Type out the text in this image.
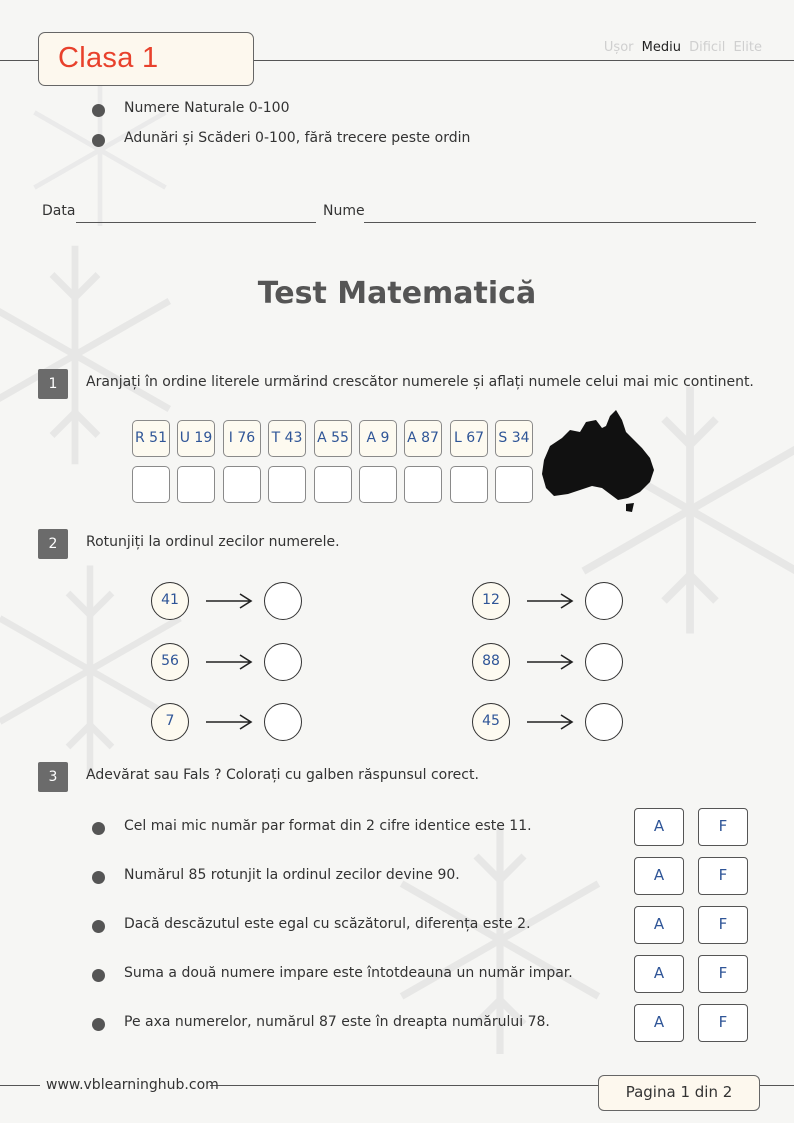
Clasa 1	Ușor Mediu Dificil Elite
Numere Naturale 0-100
Adunări și Scăderi 0-100, fără trecere peste ordin
Data	Nume
Test Matematică
1	Aranjați în ordine literele urmărind crescător numerele și aflați numele celui mai mic continent.
R 51 U 19	I 76	T 43 A 55	A 9	A 87 L 67 S 34
2	Rotunjiți la ordinul zecilor numerele.
41
56
7
12
88
45
3	Adevărat sau Fals ? Colorați cu galben răspunsul corect.
Cel mai mic număr par format din 2 cifre identice este 11.	A	F
Numărul 85 rotunjit la ordinul zecilor devine 90.	A	F
Dacă descăzutul este egal cu scăzătorul, diferența este 2.	A	F
Suma a două numere impare este întotdeauna un număr impar.	A	F
Pe axa numerelor, numărul 87 este în dreapta numărului 78.	A	F
www.vblearninghub.com	Pagina 1 din 2
